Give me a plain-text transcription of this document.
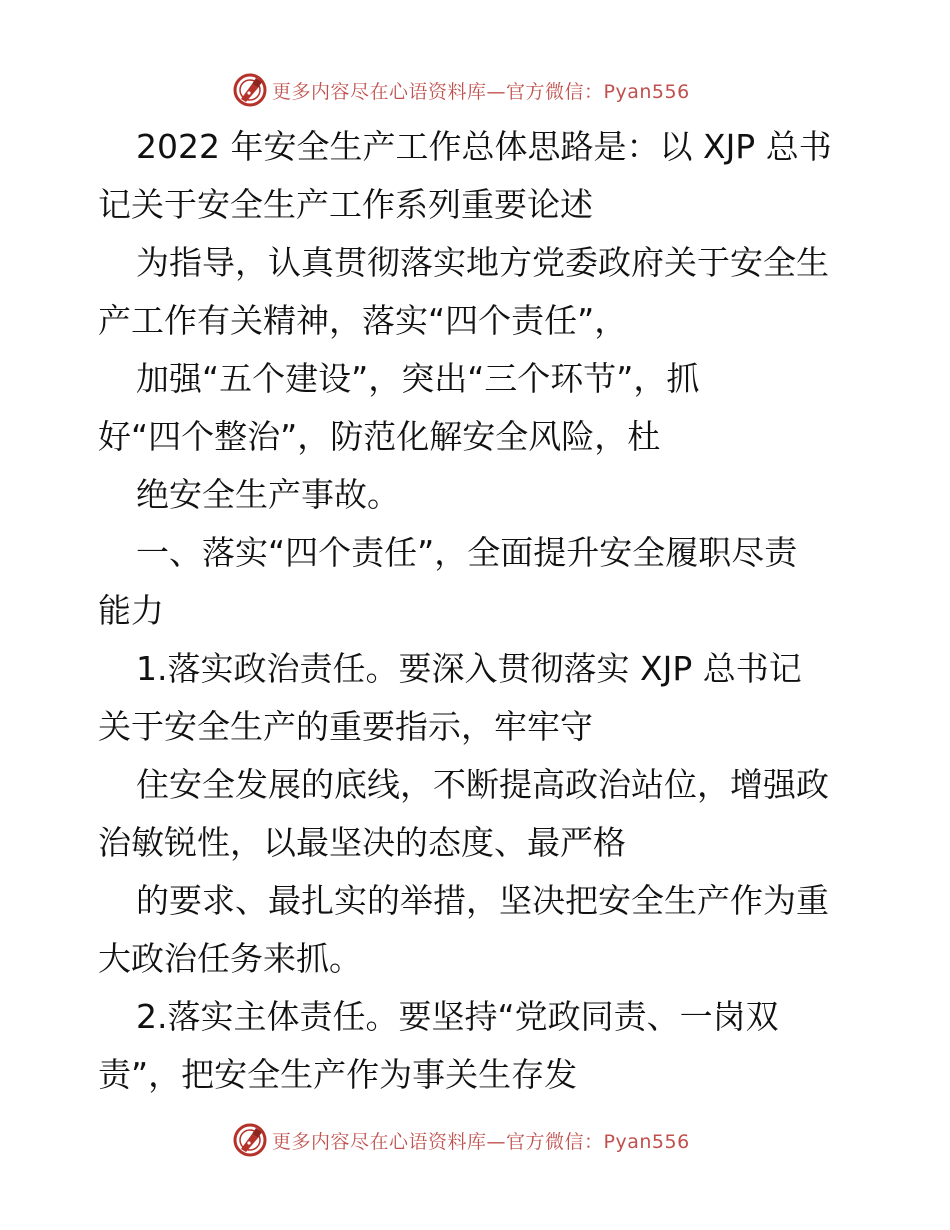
更多内容尽在心语资料库—官方微信：Pyan556
2022 年安全生产工作总体思路是：以 XJP 总书
记关于安全生产工作系列重要论述
为指导，认真贯彻落实地方党委政府关于安全生
产工作有关精神，落实“四个责任”，
加强“五个建设”，突出“三个环节”，抓
好“四个整治”，防范化解安全风险，杜
绝安全生产事故。
一、落实“四个责任”，全面提升安全履职尽责
能力
1.落实政治责任。要深入贯彻落实 XJP 总书记
关于安全生产的重要指示，牢牢守
住安全发展的底线，不断提高政治站位，增强政
治敏锐性，以最坚决的态度、最严格
的要求、最扎实的举措，坚决把安全生产作为重
大政治任务来抓。
2.落实主体责任。要坚持“党政同责、一岗双
责”，把安全生产作为事关生存发
更多内容尽在心语资料库—官方微信：Pyan556
